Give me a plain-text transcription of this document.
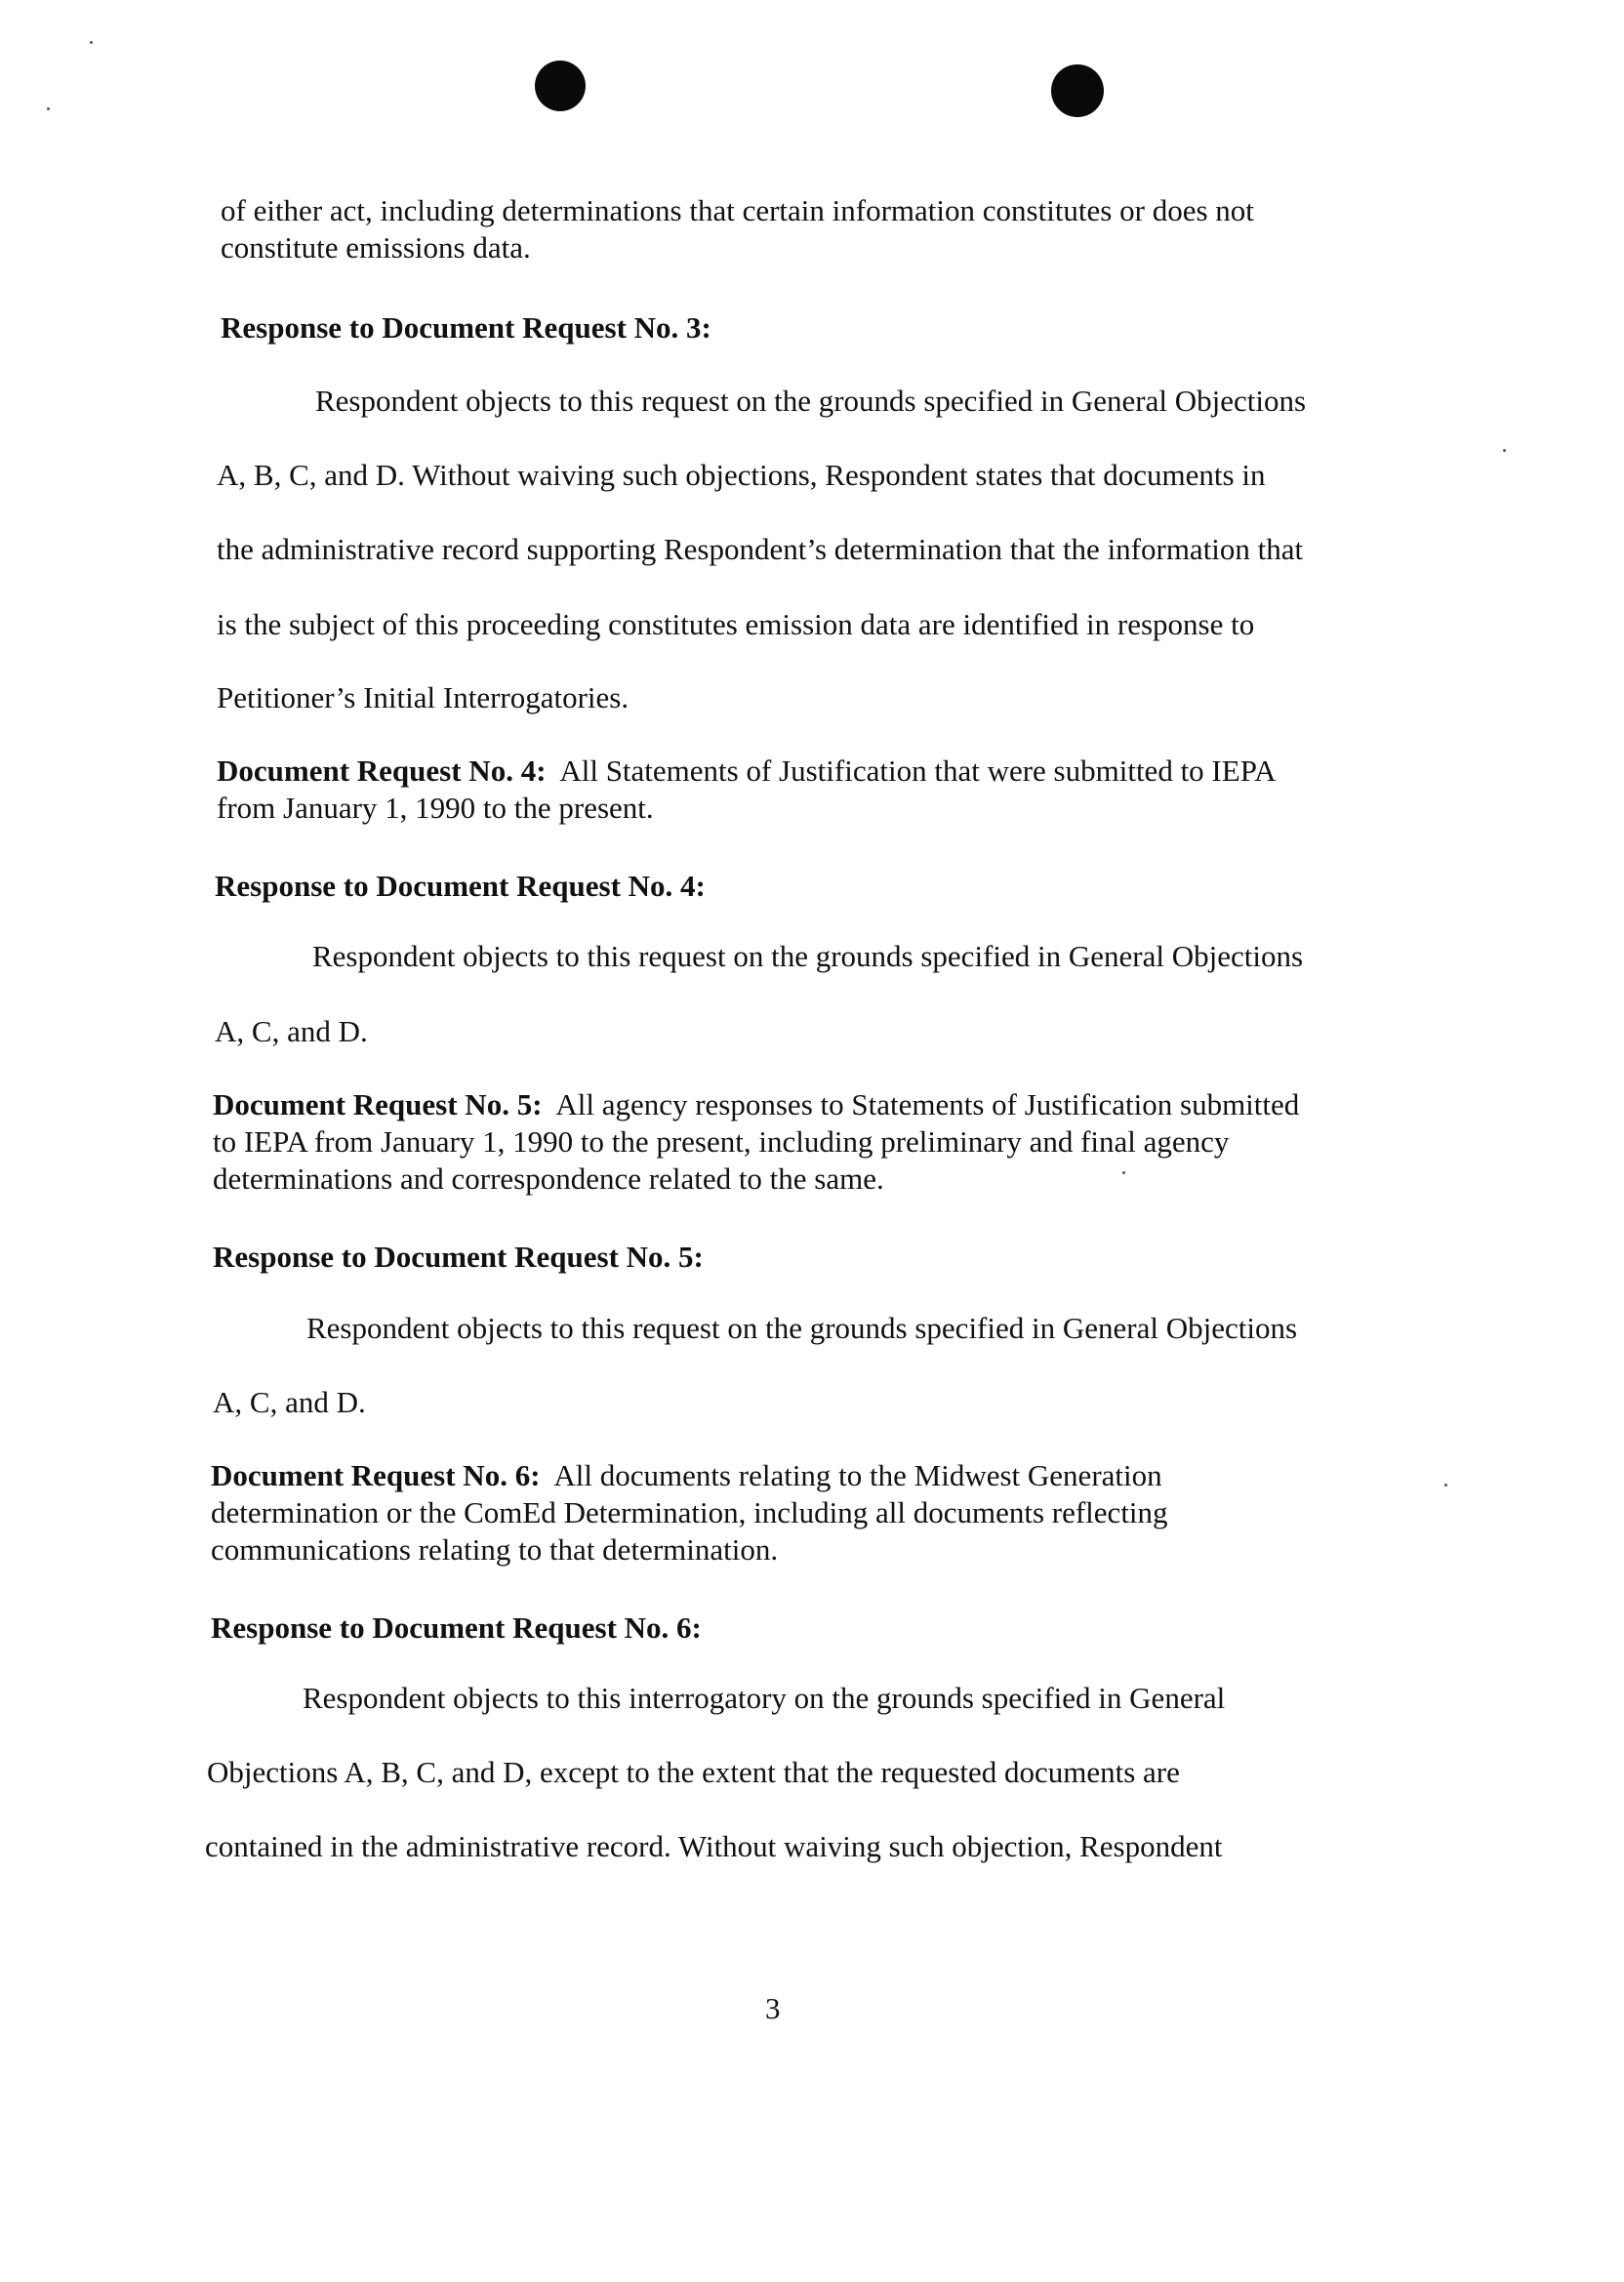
of either act, including determinations that certain information constitutes or does not
constitute emissions data.
Response to Document Request No. 3:
Respondent objects to this request on the grounds specified in General Objections
A, B, C, and D. Without waiving such objections, Respondent states that documents in
the administrative record supporting Respondent’s determination that the information that
is the subject of this proceeding constitutes emission data are identified in response to
Petitioner’s Initial Interrogatories.
Document Request No. 4: All Statements of Justification that were submitted to IEPA
from January 1, 1990 to the present.
Response to Document Request No. 4:
Respondent objects to this request on the grounds specified in General Objections
A, C, and D.
Document Request No. 5: All agency responses to Statements of Justification submitted
to IEPA from January 1, 1990 to the present, including preliminary and final agency
determinations and correspondence related to the same.
Response to Document Request No. 5:
Respondent objects to this request on the grounds specified in General Objections
A, C, and D.
Document Request No. 6: All documents relating to the Midwest Generation
determination or the ComEd Determination, including all documents reflecting
communications relating to that determination.
Response to Document Request No. 6:
Respondent objects to this interrogatory on the grounds specified in General
Objections A, B, C, and D, except to the extent that the requested documents are
contained in the administrative record. Without waiving such objection, Respondent
3
